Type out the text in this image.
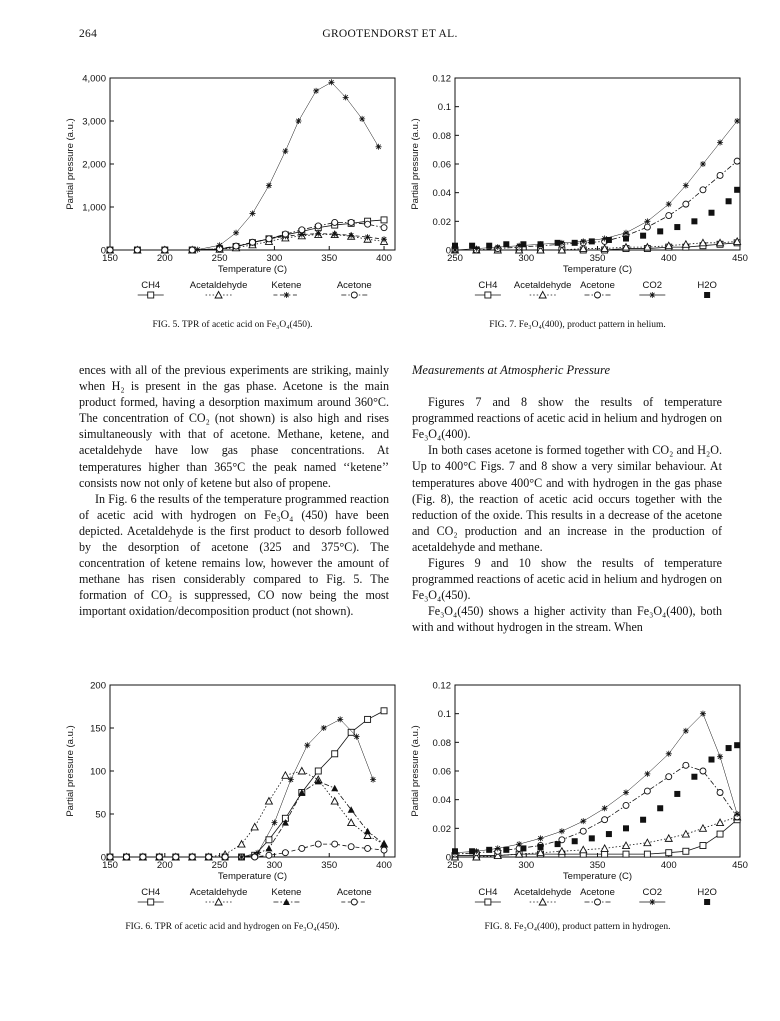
264	GROOTENDORST ET AL.
150	200	250	300	350	400
0
1,000
2,000
3,000
4,000
Temperature (C)
Partial pressure (a.u.)
CH4	Acetaldehyde	Ketene	Acetone
FIG. 5. TPR of acetic acid on Fe₃O₄(450).
250	300	350	400	450
0
0.02
0.04
0.06
0.08
0.1
0.12
Temperature (C)
Partial pressure (a.u.)
CH4 Acetaldehyde Acetone	CO2	H2O
FIG. 7. Fe₃O₄(400), product pattern in helium.

ences with all of the previous experiments are striking, mainly when H₂ is present in the gas phase. Acetone is the main product formed, having a desorption maximum around 360°C. The concentration of CO₂ (not shown) is also high and rises simultaneously with that of acetone. Methane, ketene, and acetaldehyde have low gas phase concentrations. At temperatures higher than 365°C the peak named ‘‘ketene’’ consists now not only of ketene but also of propene.

In Fig. 6 the results of the temperature programmed reaction of acetic acid with hydrogen on Fe₃O₄ (450) have been depicted. Acetaldehyde is the first product to desorb followed by the desorption of acetone (325 and 375°C). The concentration of ketene remains low, however the amount of methane has risen considerably compared to Fig. 5. The formation of CO₂ is suppressed, CO now being the most important oxidation/decomposition product (not shown).

Measurements at Atmospheric Pressure

Figures 7 and 8 show the results of temperature programmed reactions of acetic acid in helium and hydrogen on Fe₃O₄(400).

In both cases acetone is formed together with CO₂ and H₂O. Up to 400°C Figs. 7 and 8 show a very similar behaviour. At temperatures above 400°C and with hydrogen in the gas phase (Fig. 8), the reaction of acetic acid occurs together with the reduction of the oxide. This results in a decrease of the acetone and CO₂ production and an increase in the production of acetaldehyde and methane.

Figures 9 and 10 show the results of temperature programmed reactions of acetic acid in helium and hydrogen on Fe₃O₄(450).

Fe₃O₄(450) shows a higher activity than Fe₃O₄(400), both with and without hydrogen in the stream. When

150	200	250	300	350	400
0
50
100
150
200
Temperature (C)
Partial pressure (a.u.)
CH4	Acetaldehyde	Ketene	Acetone
FIG. 6. TPR of acetic acid and hydrogen on Fe₃O₄(450).
250	300	350	400	450
0
0.02
0.04
0.06
0.08
0.1
0.12
Temperature (C)
Partial pressure (a.u.)
CH4 Acetaldehyde Acetone	CO2	H2O
FIG. 8. Fe₃O₄(400), product pattern in hydrogen.
